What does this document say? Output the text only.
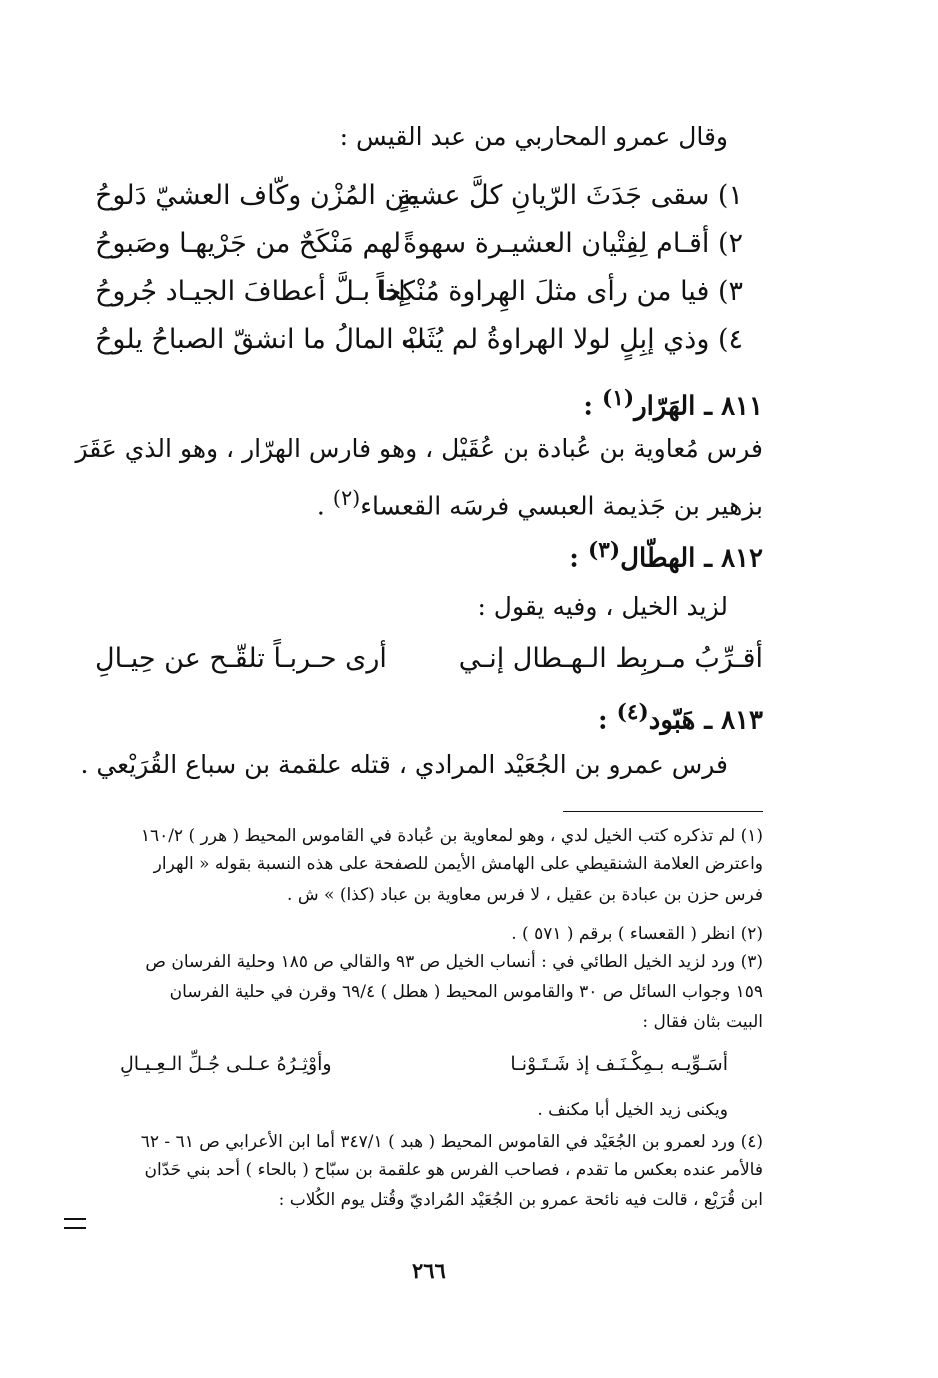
وقال عمرو المحاربي من عبد القيس :
١) سقى جَدَثَ الرّيانِ كلَّ عشيةٍ
من المُزْن وكّاف العشيّ دَلوحُ
٢) أقـام لِفِتْيان العشيـرة سهوةً
لهم مَنْكَحٌ من جَرْيهـا وصَبوحُ
٣) فيا من رأى مثلَ الهِراوة مُنْكِحاً
إذا بـلَّ أعطافَ الجيـاد جُروحُ
٤) وذي إبِلٍ لولا الهراوةُ لم يُثَبْ
له المالُ ما انشقّ الصباحُ يلوحُ
٨١١ ـ الهَرّار$^{(١)}$ :
فرس مُعاوية بن عُبادة بن عُقَيْل ، وهو فارس الهرّار ، وهو الذي عَقَرَ
بزهير بن جَذيمة العبسي فرسَه القعساء$^{(٢)}$ .
٨١٢ ـ الهطّال$^{(٣)}$ :
لزيد الخيل ، وفيه يقول :
أقـرِّبُ مـربِط الـهـطال إنـي
أرى حـربـاً تلقّـح عن حِيـالِ
٨١٣ ـ هَبّود$^{(٤)}$ :
فرس عمرو بن الجُعَيْد المرادي ، قتله علقمة بن سباع القُرَيْعي .
(١) لم تذكره كتب الخيل لدي ، وهو لمعاوية بن عُبادة في القاموس المحيط ( هرر ) ١٦٠/٢
واعترض العلامة الشنقيطي على الهامش الأيمن للصفحة على هذه النسبة بقوله « الهرار
فرس حزن بن عبادة بن عقيل ، لا فرس معاوية بن عباد (كذا) » ش .
(٢) انظر ( القعساء ) برقم ( ٥٧١ ) .
(٣) ورد لزيد الخيل الطائي في : أنساب الخيل ص ٩٣ والقالي ص ١٨٥ وحلية الفرسان ص
١٥٩ وجواب السائل ص ٣٠ والقاموس المحيط ( هطل ) ٦٩/٤ وقرن في حلية الفرسان
البيت بثان فقال :
أسَـوِّيـه بـمِكْـنَـف إذ شَـتَـوْنـا
وأوْثِـرُهُ عـلـى جُـلِّ الـعِـيـالِ
ويكنى زيد الخيل أبا مكنف .
(٤) ورد لعمرو بن الجُعَيْد في القاموس المحيط ( هبد ) ٣٤٧/١ أما ابن الأعرابي ص ٦١ - ٦٢
فالأمر عنده بعكس ما تقدم ، فصاحب الفرس هو علقمة بن سبّاح ( بالحاء ) أحد بني حَدّان
ابن قُرَيْع ، قالت فيه نائحة عمرو بن الجُعَيْد المُراديّ وقُتل يوم الكُلاب :
٢٦٦
